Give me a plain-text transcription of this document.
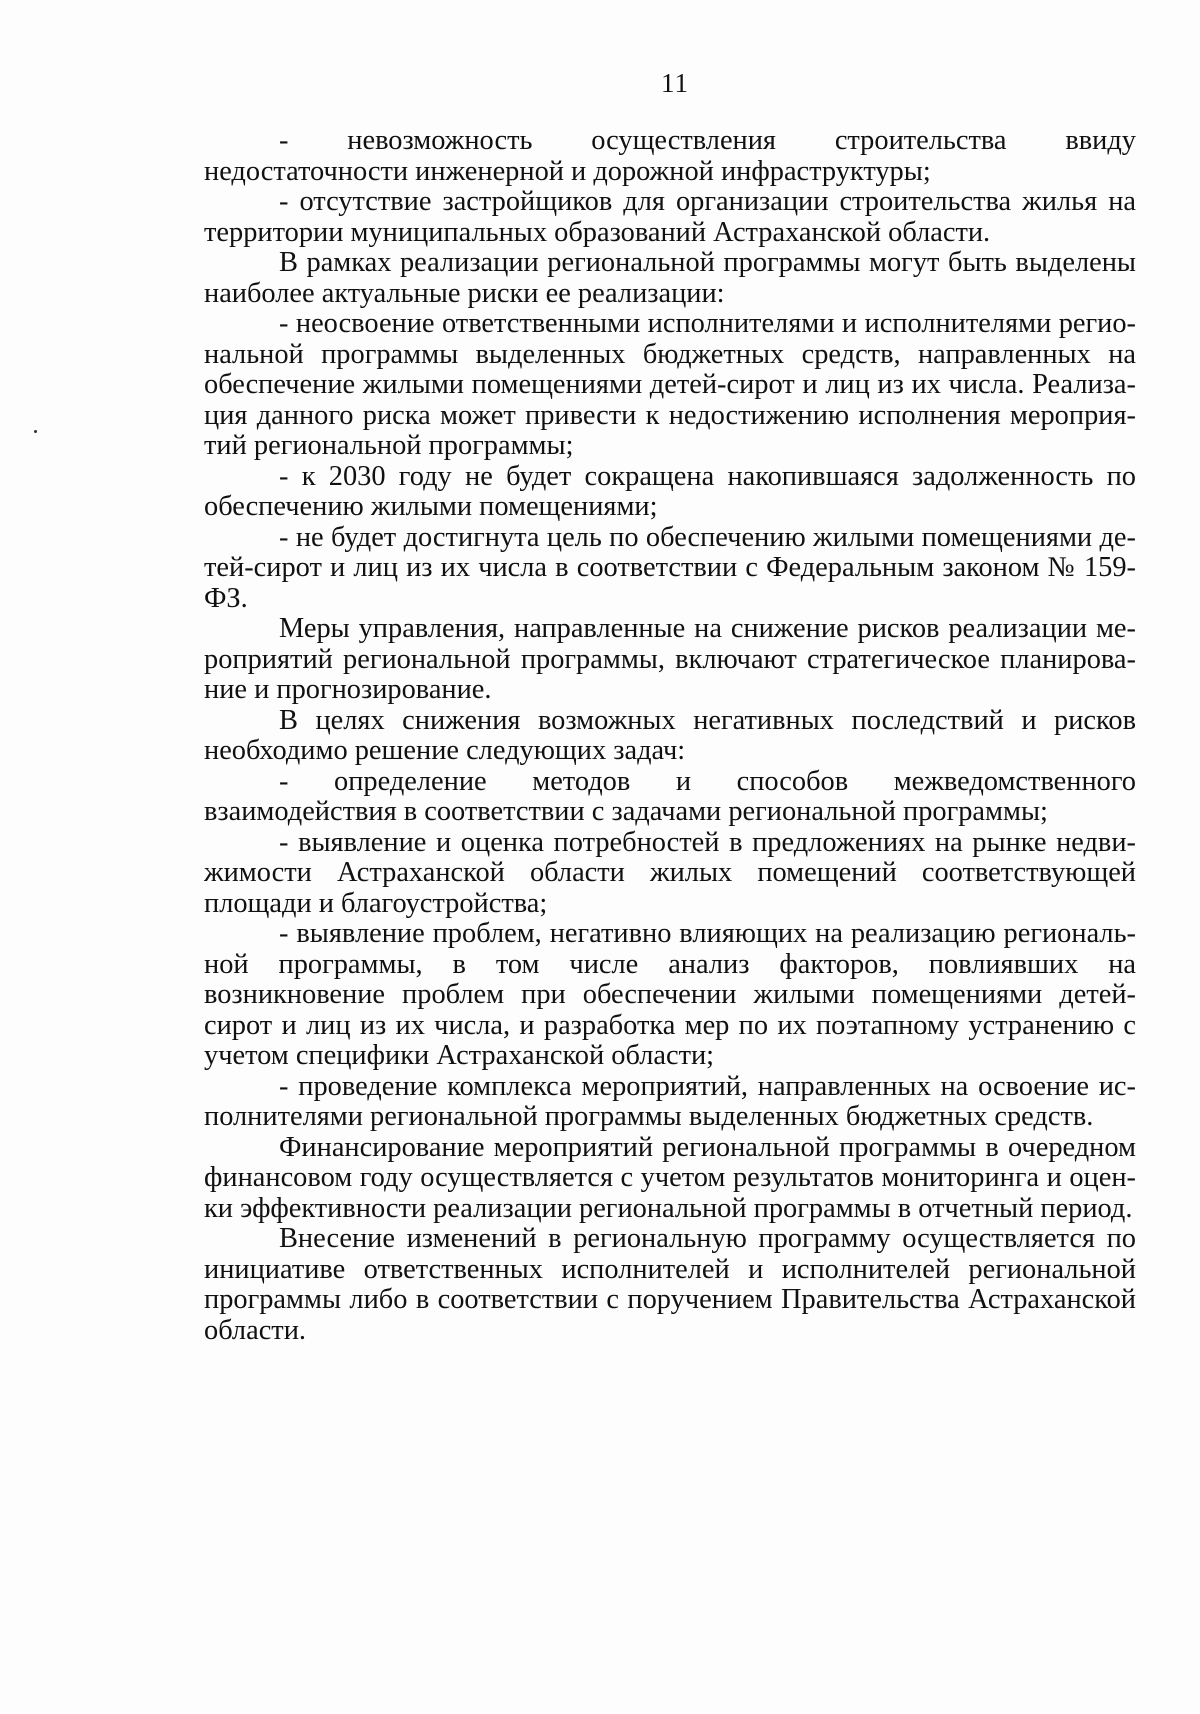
11

- невозможность осуществления строительства ввиду недостаточности инженерной и дорожной инфраструктуры;

- отсутствие застройщиков для организации строительства жилья на территории муниципальных образований Астраханской области.

В рамках реализации региональной программы могут быть выделены наиболее актуальные риски ее реализации:

- неосвоение ответственными исполнителями и исполнителями региональной программы выделенных бюджетных средств, направленных на обеспечение жилыми помещениями детей-сирот и лиц из их числа. Реализация данного риска может привести к недостижению исполнения мероприятий региональной программы;

- к 2030 году не будет сокращена накопившаяся задолженность по обеспечению жилыми помещениями;

- не будет достигнута цель по обеспечению жилыми помещениями детей-сирот и лиц из их числа в соответствии с Федеральным законом № 159-ФЗ.

Меры управления, направленные на снижение рисков реализации мероприятий региональной программы, включают стратегическое планирование и прогнозирование.

В целях снижения возможных негативных последствий и рисков необходимо решение следующих задач:

- определение методов и способов межведомственного взаимодействия в соответствии с задачами региональной программы;

- выявление и оценка потребностей в предложениях на рынке недвижимости Астраханской области жилых помещений соответствующей площади и благоустройства;

- выявление проблем, негативно влияющих на реализацию региональной программы, в том числе анализ факторов, повлиявших на возникновение проблем при обеспечении жилыми помещениями детей-сирот и лиц из их числа, и разработка мер по их поэтапному устранению с учетом специфики Астраханской области;

- проведение комплекса мероприятий, направленных на освоение исполнителями региональной программы выделенных бюджетных средств.

Финансирование мероприятий региональной программы в очередном финансовом году осуществляется с учетом результатов мониторинга и оценки эффективности реализации региональной программы в отчетный период.

Внесение изменений в региональную программу осуществляется по инициативе ответственных исполнителей и исполнителей региональной программы либо в соответствии с поручением Правительства Астраханской области.
